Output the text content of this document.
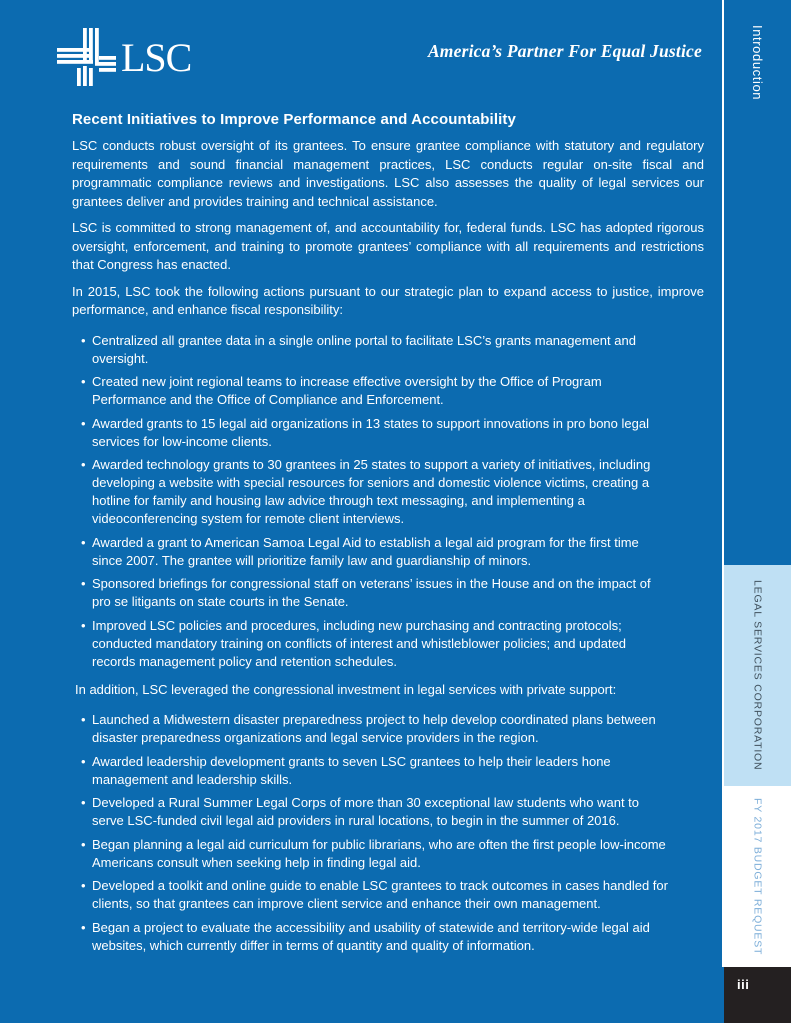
LSC	America’s Partner For Equal Justice
Recent Initiatives to Improve Performance and Accountability

LSC conducts robust oversight of its grantees. To ensure grantee compliance with statutory and regulatory requirements and sound financial management practices, LSC conducts regular on-site fiscal and programmatic compliance reviews and investigations. LSC also assesses the quality of legal services our grantees deliver and provides training and technical assistance.

LSC is committed to strong management of, and accountability for, federal funds. LSC has adopted rigorous oversight, enforcement, and training to promote grantees’ compliance with all requirements and restrictions that Congress has enacted.

In 2015, LSC took the following actions pursuant to our strategic plan to expand access to justice, improve performance, and enhance fiscal responsibility:

• Centralized all grantee data in a single online portal to facilitate LSC’s grants management and oversight.
• Created new joint regional teams to increase effective oversight by the Office of Program Performance and the Office of Compliance and Enforcement.
• Awarded grants to 15 legal aid organizations in 13 states to support innovations in pro bono legal services for low-income clients.
• Awarded technology grants to 30 grantees in 25 states to support a variety of initiatives, including developing a website with special resources for seniors and domestic violence victims, creating a hotline for family and housing law advice through text messaging, and implementing a videoconferencing system for remote client interviews.
• Awarded a grant to American Samoa Legal Aid to establish a legal aid program for the first time since 2007. The grantee will prioritize family law and guardianship of minors.
• Sponsored briefings for congressional staff on veterans’ issues in the House and on the impact of pro se litigants on state courts in the Senate.
• Improved LSC policies and procedures, including new purchasing and contracting protocols; conducted mandatory training on conflicts of interest and whistleblower policies; and updated records management policy and retention schedules.

In addition, LSC leveraged the congressional investment in legal services with private support:

• Launched a Midwestern disaster preparedness project to help develop coordinated plans between disaster preparedness organizations and legal service providers in the region.
• Awarded leadership development grants to seven LSC grantees to help their leaders hone management and leadership skills.
• Developed a Rural Summer Legal Corps of more than 30 exceptional law students who want to serve LSC-funded civil legal aid providers in rural locations, to begin in the summer of 2016.
• Began planning a legal aid curriculum for public librarians, who are often the first people low-income Americans consult when seeking help in finding legal aid.
• Developed a toolkit and online guide to enable LSC grantees to track outcomes in cases handled for clients, so that grantees can improve client service and enhance their own management.
• Began a project to evaluate the accessibility and usability of statewide and territory-wide legal aid websites, which currently differ in terms of quantity and quality of information.
Introduction
LEGAL SERVICES CORPORATION
FY 2017 BUDGET REQUEST
iii
